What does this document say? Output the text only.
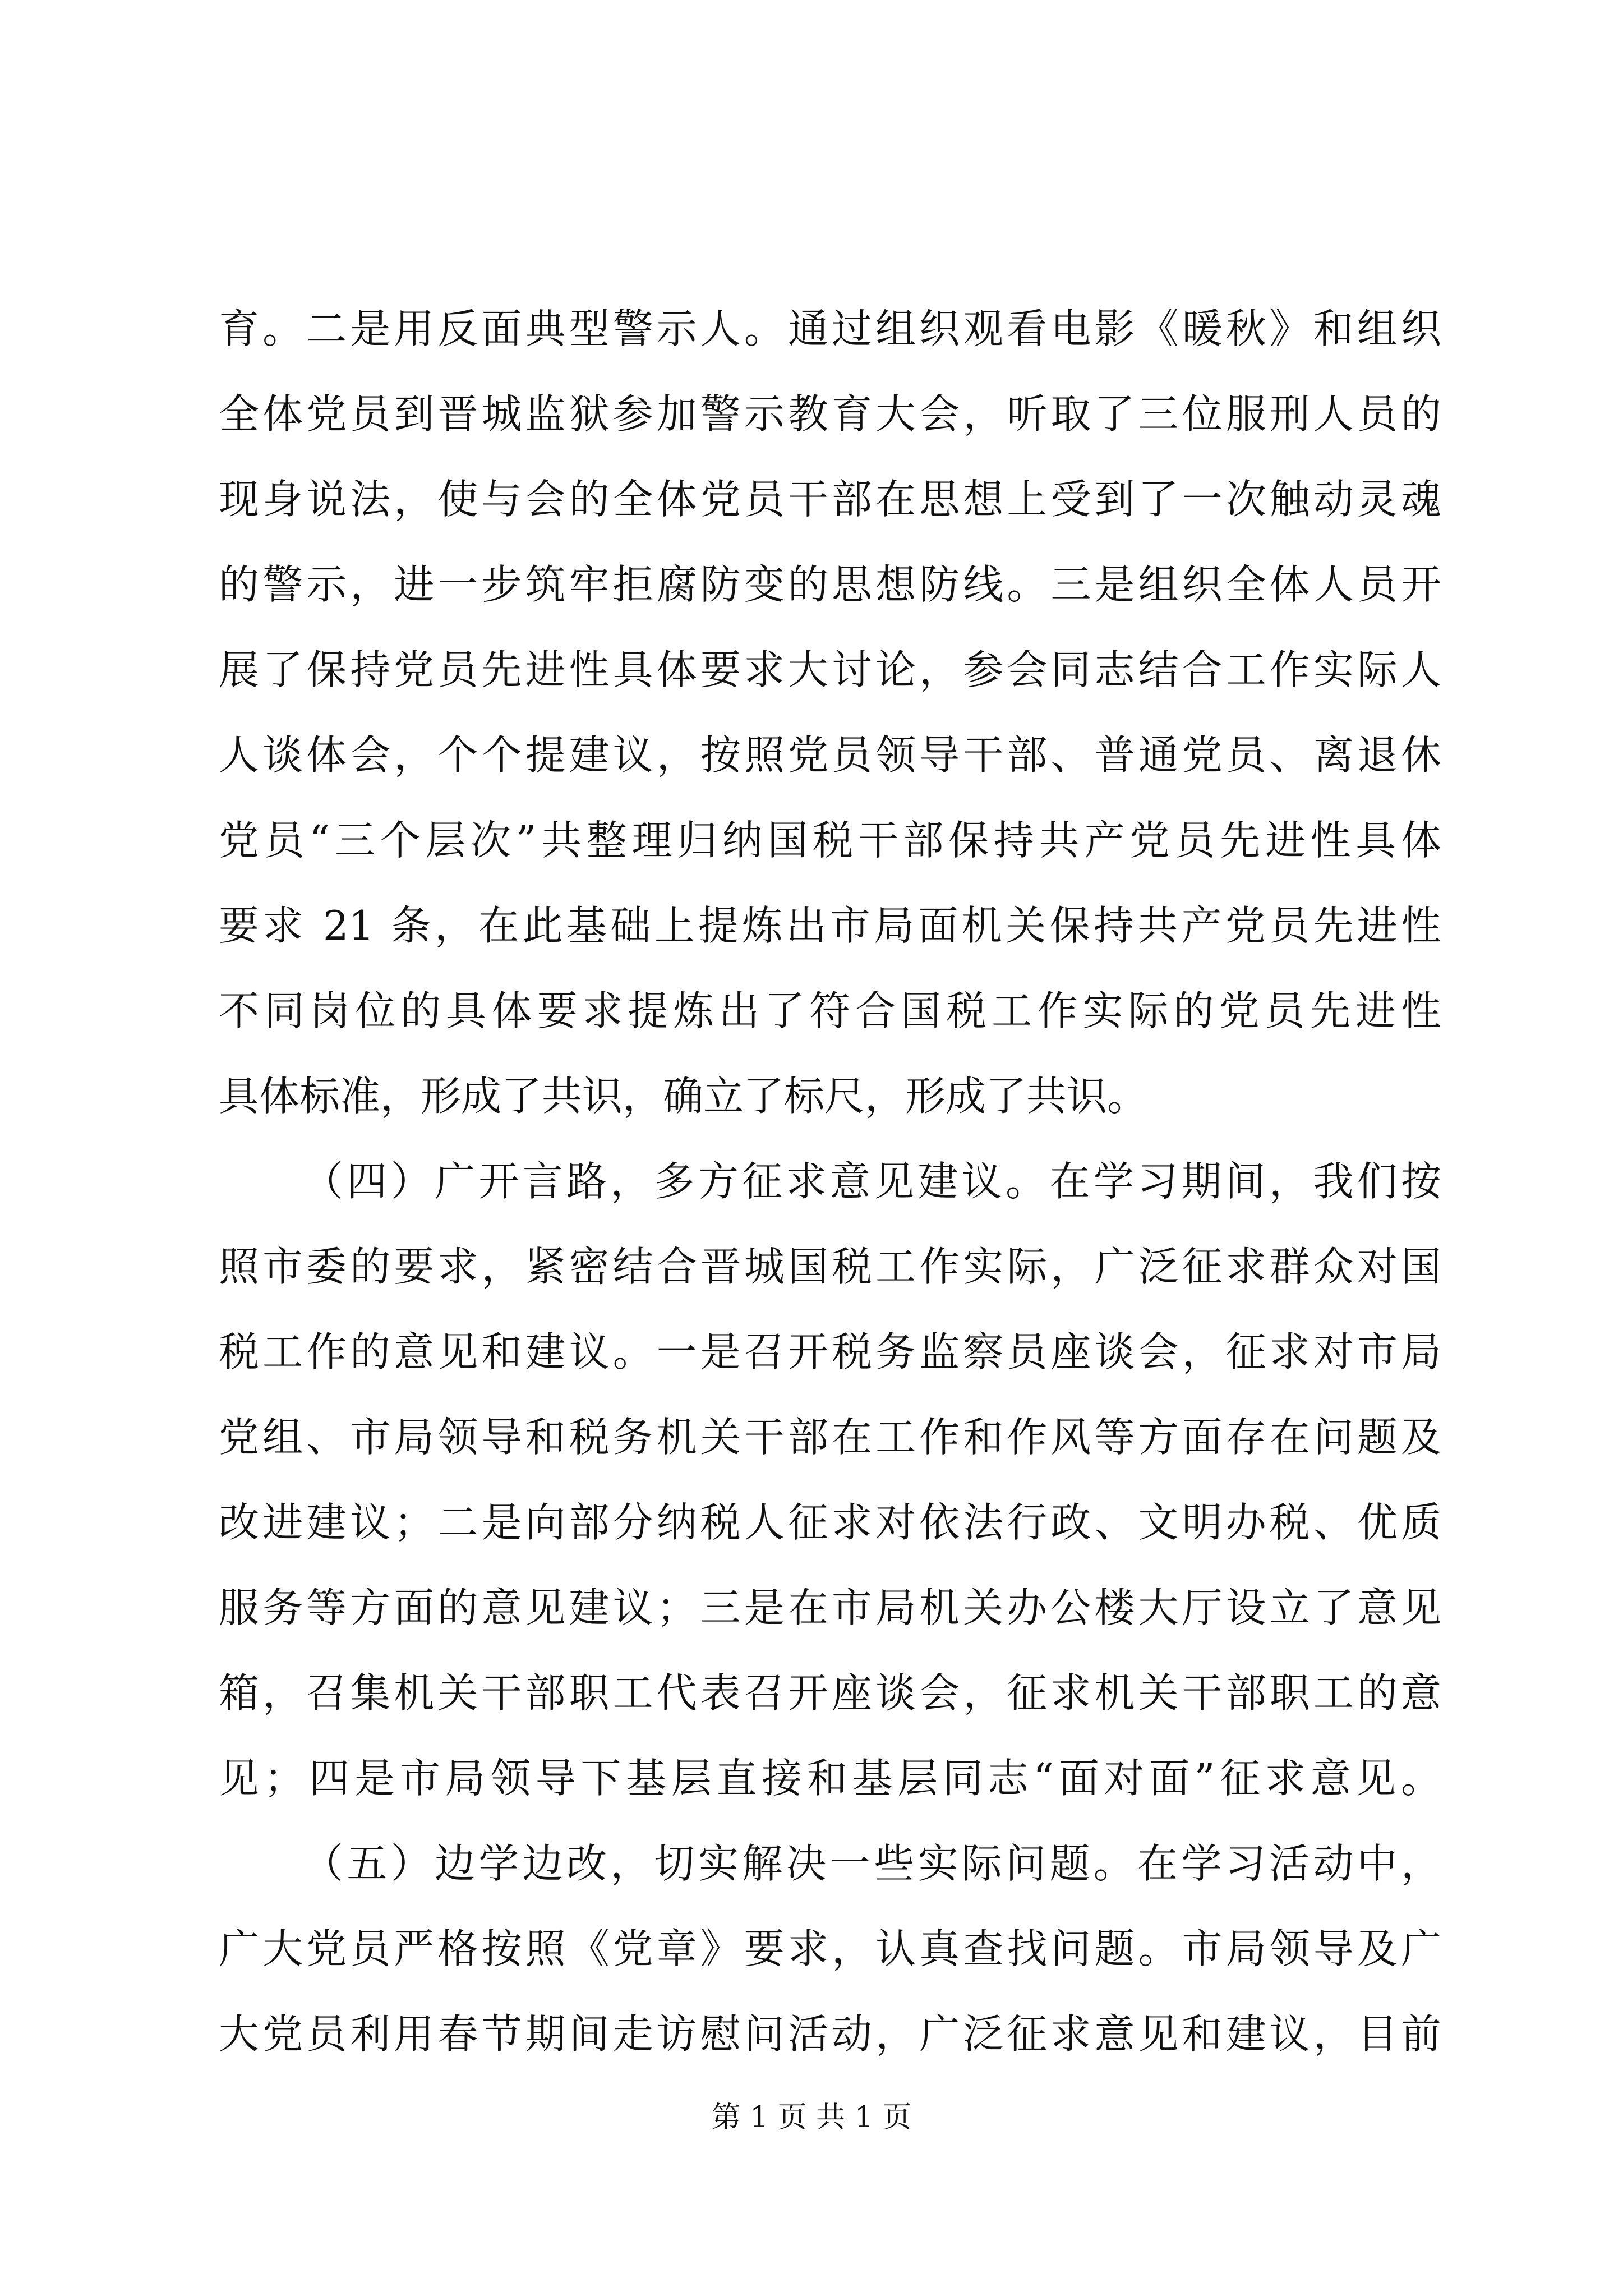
育。二是用反面典型警示人。通过组织观看电影《暖秋》和组织
全体党员到晋城监狱参加警示教育大会，听取了三位服刑人员的
现身说法，使与会的全体党员干部在思想上受到了一次触动灵魂
的警示，进一步筑牢拒腐防变的思想防线。三是组织全体人员开
展了保持党员先进性具体要求大讨论，参会同志结合工作实际人
人谈体会，个个提建议，按照党员领导干部、普通党员、离退休
党员“三个层次”共整理归纳国税干部保持共产党员先进性具体
要求 21 条，在此基础上提炼出市局面机关保持共产党员先进性
不同岗位的具体要求提炼出了符合国税工作实际的党员先进性
具体标准，形成了共识，确立了标尺，形成了共识。
（四）广开言路，多方征求意见建议。在学习期间，我们按
照市委的要求，紧密结合晋城国税工作实际，广泛征求群众对国
税工作的意见和建议。一是召开税务监察员座谈会，征求对市局
党组、市局领导和税务机关干部在工作和作风等方面存在问题及
改进建议；二是向部分纳税人征求对依法行政、文明办税、优质
服务等方面的意见建议；三是在市局机关办公楼大厅设立了意见
箱，召集机关干部职工代表召开座谈会，征求机关干部职工的意
见；四是市局领导下基层直接和基层同志“面对面”征求意见。
（五）边学边改，切实解决一些实际问题。在学习活动中，
广大党员严格按照《党章》要求，认真查找问题。市局领导及广
大党员利用春节期间走访慰问活动，广泛征求意见和建议，目前
第 1 页 共 1 页
